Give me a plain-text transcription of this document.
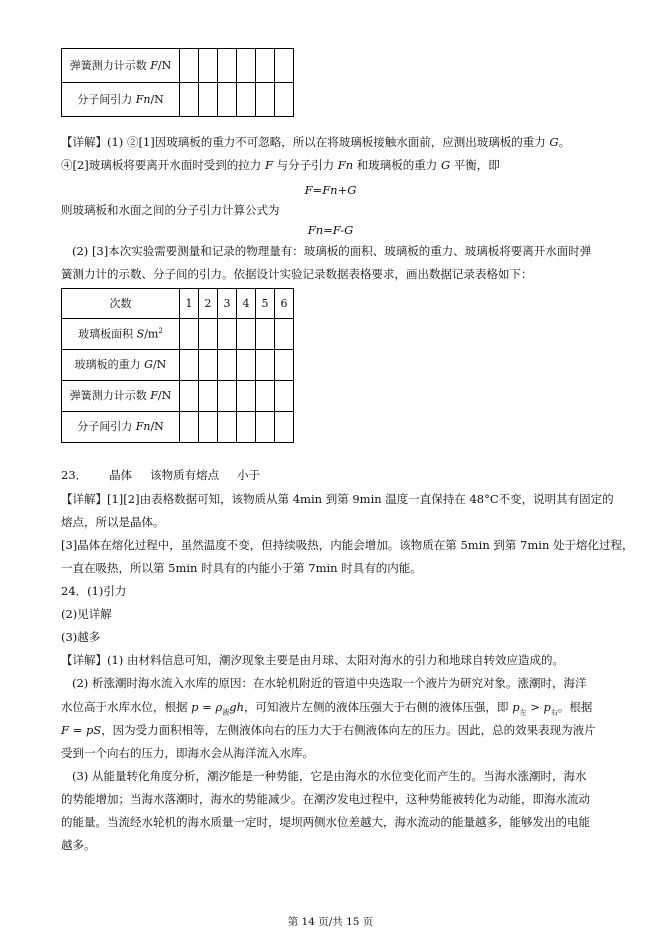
弹簧测力计示数 F/N						
分子间引力 Fn/N						
【详解】(1) ②[1]因玻璃板的重力不可忽略，所以在将玻璃板接触水面前，应测出玻璃板的重力 G。
④[2]玻璃板将要离开水面时受到的拉力 F 与分子引力 Fn 和玻璃板的重力 G 平衡，即
F=Fn+G
则玻璃板和水面之间的分子引力计算公式为
Fn=F-G
(2) [3]本次实验需要测量和记录的物理量有：玻璃板的面积、玻璃板的重力、玻璃板将要离开水面时弹
簧测力计的示数、分子间的引力。依据设计实验记录数据表格要求，画出数据记录表格如下：
次数	1	2	3	4	5	6
玻璃板面积 $S/m^2$						
玻璃板的重力 G/N						
弹簧测力计示数 F/N						
分子间引力 Fn/N						
23． 晶体 该物质有熔点 小于
【详解】[1][2]由表格数据可知，该物质从第 4min 到第 9min 温度一直保持在 48°C不变，说明其有固定的
熔点，所以是晶体。
[3]晶体在熔化过程中，虽然温度不变，但持续吸热，内能会增加。该物质在第 5min 到第 7min 处于熔化过程，
一直在吸热，所以第 5min 时具有的内能小于第 7min 时具有的内能。
24．(1)引力
(2)见详解
(3)越多
【详解】(1) 由材料信息可知，潮汐现象主要是由月球、太阳对海水的引力和地球自转效应造成的。
(2) 析涨潮时海水流入水库的原因：在水轮机附近的管道中央选取一个液片为研究对象。涨潮时，海洋
水位高于水库水位，根据 $p = \rho_液gh$，可知液片左侧的液体压强大于右侧的液体压强，即 $p_左 > p_右$。根据
F = pS，因为受力面积相等，左侧液体向右的压力大于右侧液体向左的压力。因此，总的效果表现为液片
受到一个向右的压力，即海水会从海洋流入水库。
(3) 从能量转化角度分析，潮汐能是一种势能，它是由海水的水位变化而产生的。当海水涨潮时，海水
的势能增加；当海水落潮时，海水的势能减少。在潮汐发电过程中，这种势能被转化为动能，即海水流动
的能量。当流经水轮机的海水质量一定时，堤坝两侧水位差越大，海水流动的能量越多，能够发出的电能
越多。
第 14 页/共 15 页
